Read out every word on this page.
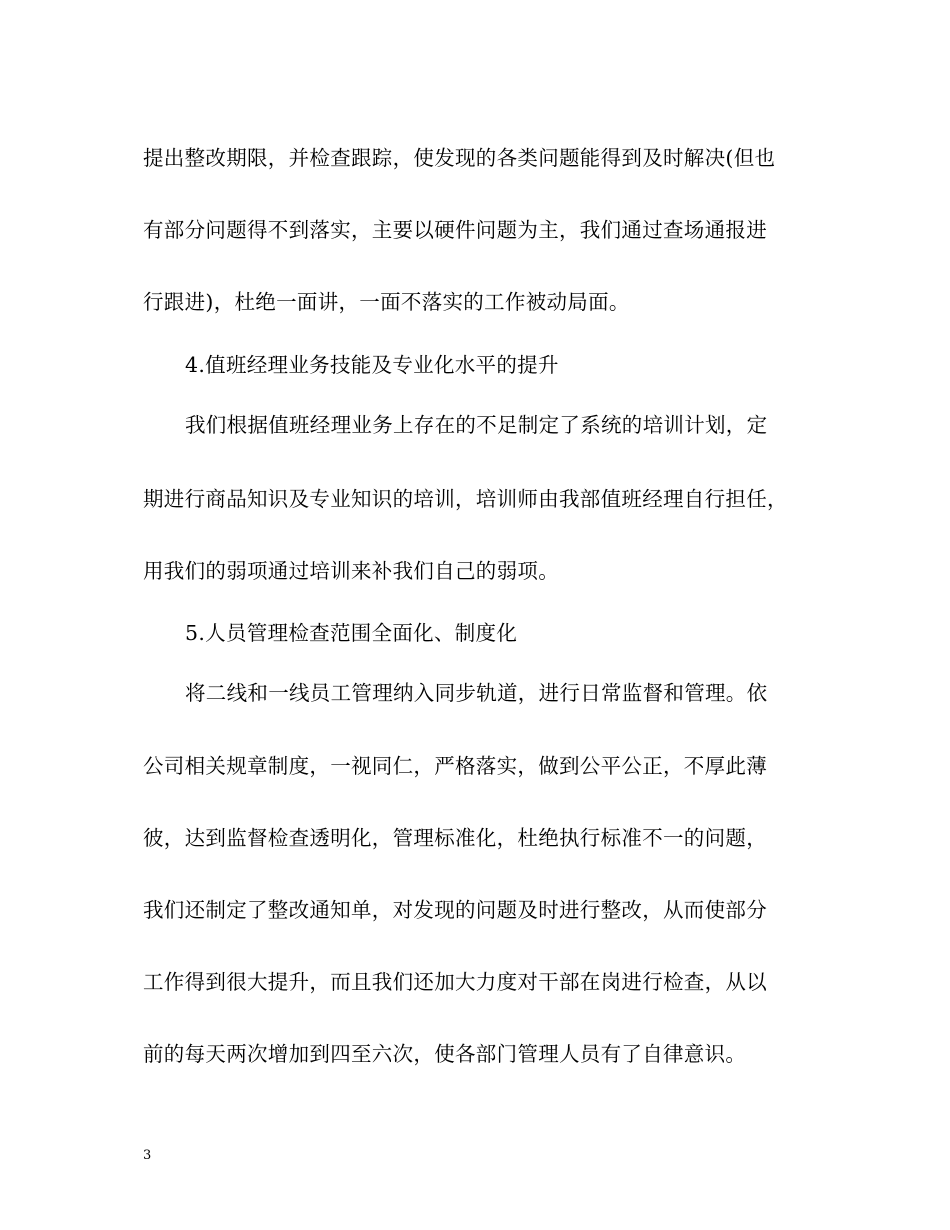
提出整改期限，并检查跟踪，使发现的各类问题能得到及时解决(但也
有部分问题得不到落实，主要以硬件问题为主，我们通过查场通报进
行跟进)，杜绝一面讲，一面不落实的工作被动局面。
4.值班经理业务技能及专业化水平的提升
我们根据值班经理业务上存在的不足制定了系统的培训计划，定
期进行商品知识及专业知识的培训，培训师由我部值班经理自行担任，
用我们的弱项通过培训来补我们自己的弱项。
5.人员管理检查范围全面化、制度化
将二线和一线员工管理纳入同步轨道，进行日常监督和管理。依
公司相关规章制度，一视同仁，严格落实，做到公平公正，不厚此薄
彼，达到监督检查透明化，管理标准化，杜绝执行标准不一的问题，
我们还制定了整改通知单，对发现的问题及时进行整改，从而使部分
工作得到很大提升，而且我们还加大力度对干部在岗进行检查，从以
前的每天两次增加到四至六次，使各部门管理人员有了自律意识。
3
